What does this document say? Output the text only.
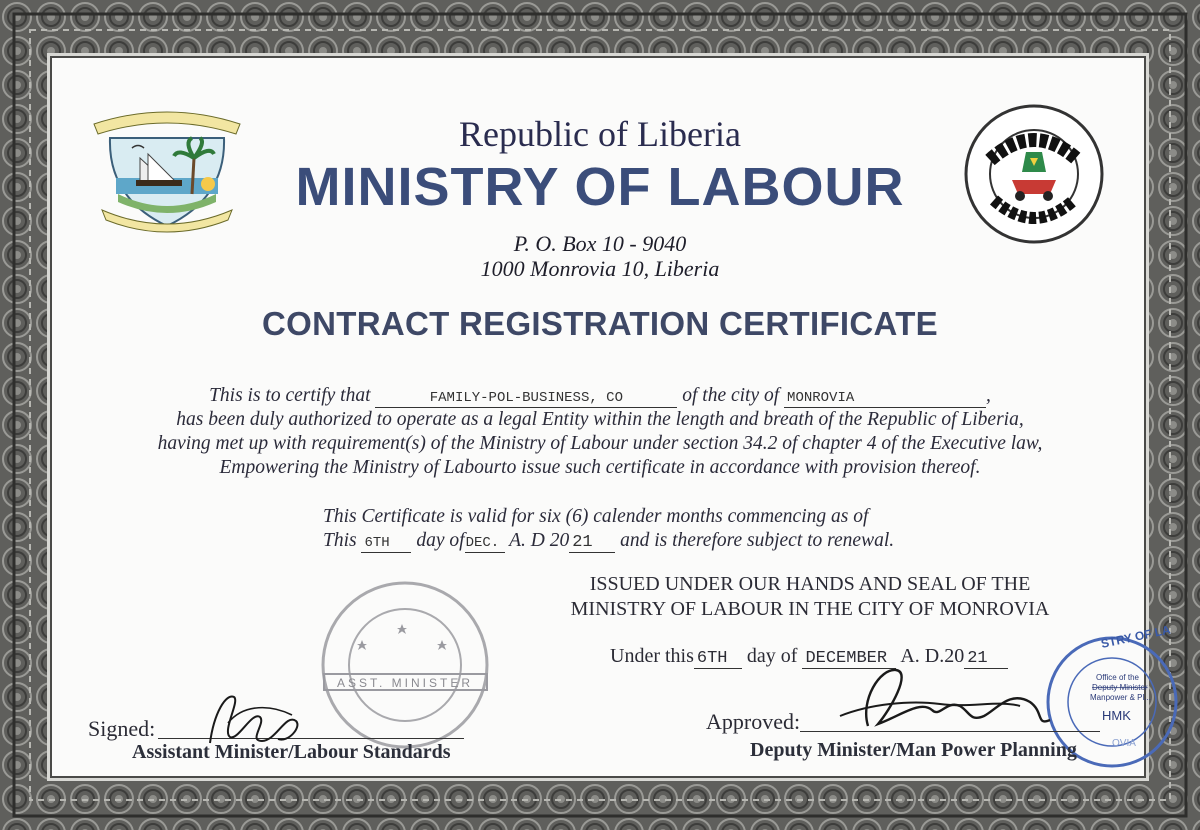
Republic of Liberia
MINISTRY OF LABOUR
P. O. Box 10 - 9040
1000 Monrovia 10, Liberia
CONTRACT REGISTRATION CERTIFICATE
This is to certify that	FAMILY-POL-BUSINESS, CO	of the city of MONROVIA	,
has been duly authorized to operate as a legal Entity within the length and breath of the Republic of Liberia,
having met up with requirement(s) of the Ministry of Labour under section 34.2 of chapter 4 of the Executive law,
Empowering the Ministry of Labourto issue such certificate in accordance with provision thereof.
This Certificate is valid for six (6) calender months commencing as of
This 6TH day ofDEC. A. D 20 21 and is therefore subject to renewal.
ISSUED UNDER OUR HANDS AND SEAL OF THE
MINISTRY OF LABOUR IN THE CITY OF MONROVIA
Under this 6TH day of DECEMBER A. D.20 21
ASST. MINISTER
STRY OF LA
Office of the
Deputy Minister
Manpower & Pl...
HMK
OVIA
Signed:
Assistant Minister/Labour Standards
Approved:
Deputy Minister/Man Power Planning
